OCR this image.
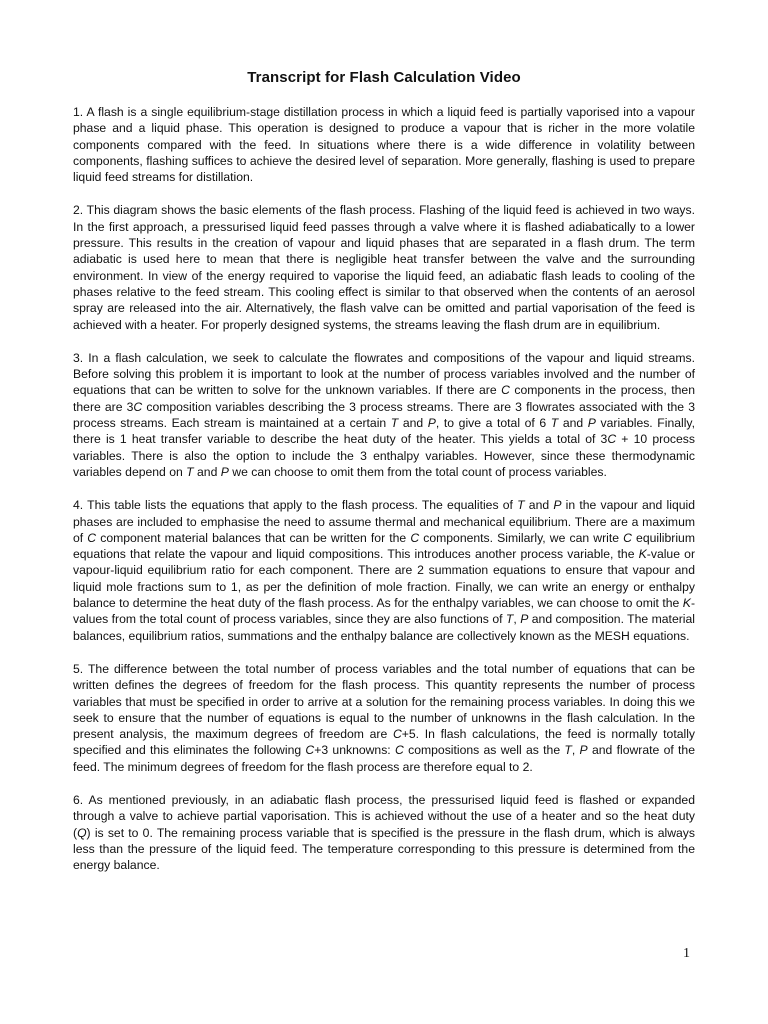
Transcript for Flash Calculation Video

1. A flash is a single equilibrium-stage distillation process in which a liquid feed is partially vaporised into a vapour phase and a liquid phase. This operation is designed to produce a vapour that is richer in the more volatile components compared with the feed. In situations where there is a wide difference in volatility between components, flashing suffices to achieve the desired level of separation. More generally, flashing is used to prepare liquid feed streams for distillation.

2. This diagram shows the basic elements of the flash process. Flashing of the liquid feed is achieved in two ways. In the first approach, a pressurised liquid feed passes through a valve where it is flashed adiabatically to a lower pressure. This results in the creation of vapour and liquid phases that are separated in a flash drum. The term adiabatic is used here to mean that there is negligible heat transfer between the valve and the surrounding environment. In view of the energy required to vaporise the liquid feed, an adiabatic flash leads to cooling of the phases relative to the feed stream. This cooling effect is similar to that observed when the contents of an aerosol spray are released into the air. Alternatively, the flash valve can be omitted and partial vaporisation of the feed is achieved with a heater. For properly designed systems, the streams leaving the flash drum are in equilibrium.

3. In a flash calculation, we seek to calculate the flowrates and compositions of the vapour and liquid streams. Before solving this problem it is important to look at the number of process variables involved and the number of equations that can be written to solve for the unknown variables. If there are C components in the process, then there are 3C composition variables describing the 3 process streams. There are 3 flowrates associated with the 3 process streams. Each stream is maintained at a certain T and P, to give a total of 6 T and P variables. Finally, there is 1 heat transfer variable to describe the heat duty of the heater. This yields a total of 3C + 10 process variables. There is also the option to include the 3 enthalpy variables. However, since these thermodynamic variables depend on T and P we can choose to omit them from the total count of process variables.

4. This table lists the equations that apply to the flash process. The equalities of T and P in the vapour and liquid phases are included to emphasise the need to assume thermal and mechanical equilibrium. There are a maximum of C component material balances that can be written for the C components. Similarly, we can write C equilibrium equations that relate the vapour and liquid compositions. This introduces another process variable, the K-value or vapour-liquid equilibrium ratio for each component. There are 2 summation equations to ensure that vapour and liquid mole fractions sum to 1, as per the definition of mole fraction. Finally, we can write an energy or enthalpy balance to determine the heat duty of the flash process. As for the enthalpy variables, we can choose to omit the K-values from the total count of process variables, since they are also functions of T, P and composition. The material balances, equilibrium ratios, summations and the enthalpy balance are collectively known as the MESH equations.

5. The difference between the total number of process variables and the total number of equations that can be written defines the degrees of freedom for the flash process. This quantity represents the number of process variables that must be specified in order to arrive at a solution for the remaining process variables. In doing this we seek to ensure that the number of equations is equal to the number of unknowns in the flash calculation. In the present analysis, the maximum degrees of freedom are C+5. In flash calculations, the feed is normally totally specified and this eliminates the following C+3 unknowns: C compositions as well as the T, P and flowrate of the feed. The minimum degrees of freedom for the flash process are therefore equal to 2.

6. As mentioned previously, in an adiabatic flash process, the pressurised liquid feed is flashed or expanded through a valve to achieve partial vaporisation. This is achieved without the use of a heater and so the heat duty (Q) is set to 0. The remaining process variable that is specified is the pressure in the flash drum, which is always less than the pressure of the liquid feed. The temperature corresponding to this pressure is determined from the energy balance.

1
